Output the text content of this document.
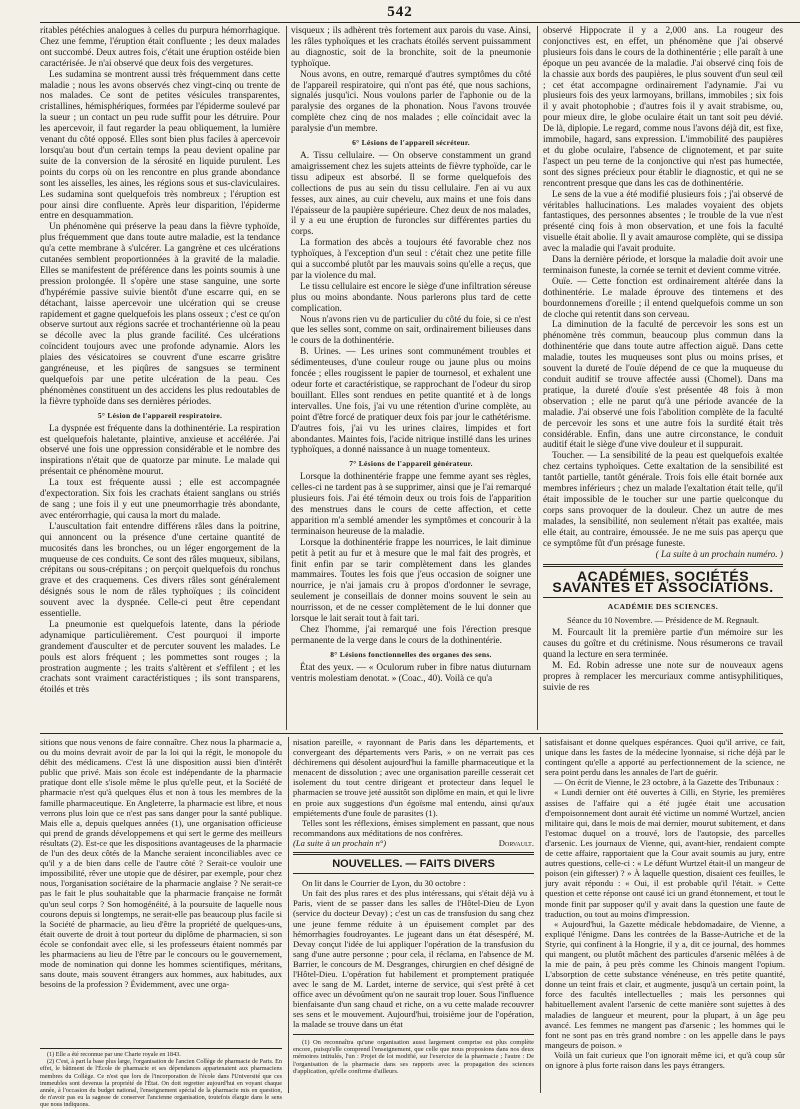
542

ritables pétéchies analogues à celles du purpura hémorrhagique. Chez une femme, l'éruption était confluente ; les deux malades ont succombé. Deux autres fois, c'était une éruption ostéide bien caractérisée. Je n'ai observé que deux fois des vergetures.

Les sudamina se montrent aussi très fréquemment dans cette maladie ; nous les avons observés chez vingt-cinq ou trente de nos malades. Ce sont de petites vésicules transparentes, cristallines, hémisphériques, formées par l'épiderme soulevé par la sueur ; un contact un peu rude suffit pour les détruire. Pour les apercevoir, il faut regarder la peau obliquement, la lumière venant du côté opposé. Elles sont bien plus faciles à apercevoir lorsqu'au bout d'un certain temps la peau devient opaline par suite de la conversion de la sérosité en liquide purulent. Les points du corps où on les rencontre en plus grande abondance sont les aisselles, les aines, les régions sous et sus-claviculaires. Les sudamina sont quelquefois très nombreux ; l'éruption est pour ainsi dire confluente. Après leur disparition, l'épiderme entre en desquammation.

Un phénomène qui préserve la peau dans la fièvre typhoïde, plus fréquemment que dans toute autre maladie, est la tendance qu'a cette membrane à s'ulcérer. La gangrène et ces ulcérations cutanées semblent proportionnées à la gravité de la maladie. Elles se manifestent de préférence dans les points soumis à une pression prolongée. Il s'opère une stase sanguine, une sorte d'hypérémie passive suivie bientôt d'une escarre qui, en se détachant, laisse apercevoir une ulcération qui se creuse rapidement et gagne quelquefois les plans osseux ; c'est ce qu'on observe surtout aux régions sacrée et trochantérienne où la peau se décolle avec la plus grande facilité. Ces ulcérations coïncident toujours avec une profonde adynamie. Alors les plaies des vésicatoires se couvrent d'une escarre grisâtre gangréneuse, et les piqûres de sangsues se terminent quelquefois par une petite ulcération de la peau. Ces phénomènes constituent un des accidens les plus redoutables de la fièvre typhoïde dans ses dernières périodes.

5° Lésion de l'appareil respiratoire.

La dyspnée est fréquente dans la dothinentérie. La respiration est quelquefois haletante, plaintive, anxieuse et accélérée. J'ai observé une fois une oppression considérable et le nombre des inspirations n'était que de quatorze par minute. Le malade qui présentait ce phénomène mourut.

La toux est fréquente aussi ; elle est accompagnée d'expectoration. Six fois les crachats étaient sanglans ou striés de sang ; une fois il y eut une pneumorrhagie très abondante, avec entérorrhagie, qui causa la mort du malade.

L'auscultation fait entendre différens râles dans la poitrine, qui annoncent ou la présence d'une certaine quantité de mucosités dans les bronches, ou un léger engorgement de la muqueuse de ces conduits. Ce sont des râles muqueux, sibilans, crépitans ou sous-crépitans ; on perçoit quelquefois du ronchus grave et des craquemens. Ces divers râles sont généralement désignés sous le nom de râles typhoïques ; ils coïncident souvent avec la dyspnée. Celle-ci peut être cependant essentielle.

La pneumonie est quelquefois latente, dans la période adynamique particulièrement. C'est pourquoi il importe grandement d'ausculter et de percuter souvent les malades. Le pouls est alors fréquent ; les pommettes sont rouges ; la prostration augmente ; les traits s'altèrent et s'effilent ; et les crachats sont vraiment caractéristiques ; ils sont transparens, étoilés et très

visqueux ; ils adhèrent très fortement aux parois du vase. Ainsi, les râles typhoïques et les crachats étoilés servent puissamment au diagnostic, soit de la bronchite, soit de la pneumonie typhoïque.

Nous avons, en outre, remarqué d'autres symptômes du côté de l'appareil respiratoire, qui n'ont pas été, que nous sachions, signalés jusqu'ici. Nous voulons parler de l'aphonie ou de la paralysie des organes de la phonation. Nous l'avons trouvée complète chez cinq de nos malades ; elle coïncidait avec la paralysie d'un membre.

6° Lésions de l'appareil sécréteur.

A. Tissu cellulaire. — On observe constamment un grand amaigrissement chez les sujets atteints de fièvre typhoïde, car le tissu adipeux est absorbé. Il se forme quelquefois des collections de pus au sein du tissu cellulaire. J'en ai vu aux fesses, aux aines, au cuir chevelu, aux mains et une fois dans l'épaisseur de la paupière supérieure. Chez deux de nos malades, il y a eu une éruption de furoncles sur différentes parties du corps.

La formation des abcès a toujours été favorable chez nos typhoïques, à l'exception d'un seul : c'était chez une petite fille qui a succombé plutôt par les mauvais soins qu'elle a reçus, que par la violence du mal.

Le tissu cellulaire est encore le siège d'une infiltration séreuse plus ou moins abondante. Nous parlerons plus tard de cette complication.

Nous n'avons rien vu de particulier du côté du foie, si ce n'est que les selles sont, comme on sait, ordinairement bilieuses dans le cours de la dothinentérie.

B. Urines. — Les urines sont communément troubles et sédimenteuses, d'une couleur rouge ou jaune plus ou moins foncée ; elles rougissent le papier de tournesol, et exhalent une odeur forte et caractéristique, se rapprochant de l'odeur du sirop bouillant. Elles sont rendues en petite quantité et à de longs intervalles. Une fois, j'ai vu une rétention d'urine complète, au point d'être forcé de pratiquer deux fois par jour le cathétérisme. D'autres fois, j'ai vu les urines claires, limpides et fort abondantes. Maintes fois, l'acide nitrique instillé dans les urines typhoïques, a donné naissance à un nuage tomenteux.

7° Lésions de l'appareil générateur.

Lorsque la dothinentérie frappe une femme ayant ses règles, celles-ci ne tardent pas à se supprimer, ainsi que je l'ai remarqué plusieurs fois. J'ai été témoin deux ou trois fois de l'apparition des menstrues dans le cours de cette affection, et cette apparition m'a semblé amender les symptômes et concourir à la terminaison heureuse de la maladie.

Lorsque la dothinentérie frappe les nourrices, le lait diminue petit à petit au fur et à mesure que le mal fait des progrès, et finit enfin par se tarir complètement dans les glandes mammaires. Toutes les fois que j'eus occasion de soigner une nourrice, je n'ai jamais cru à propos d'ordonner le sevrage, seulement je conseillais de donner moins souvent le sein au nourrisson, et de ne cesser complètement de le lui donner que lorsque le lait serait tout à fait tari.

Chez l'homme, j'ai remarqué une fois l'érection presque permanente de la verge dans le cours de la dothinentérie.

8° Lésions fonctionnelles des organes des sens.

État des yeux. — « Oculorum ruber in fibre natus diuturnam ventris molestiam denotat. » (Coac., 40). Voilà ce qu'a

observé Hippocrate il y a 2,000 ans. La rougeur des conjonctives est, en effet, un phénomène que j'ai observé plusieurs fois dans le cours de la dothinentérie ; elle paraît à une époque un peu avancée de la maladie. J'ai observé cinq fois de la chassie aux bords des paupières, le plus souvent d'un seul œil ; cet état accompagne ordinairement l'adynamie. J'ai vu plusieurs fois des yeux larmoyans, brillans, immobiles ; six fois il y avait photophobie ; d'autres fois il y avait strabisme, ou, pour mieux dire, le globe oculaire était un tant soit peu dévié. De là, diplopie. Le regard, comme nous l'avons déjà dit, est fixe, immobile, hagard, sans expression. L'immobilité des paupières et du globe oculaire, l'absence de clignotement, et par suite l'aspect un peu terne de la conjonctive qui n'est pas humectée, sont des signes précieux pour établir le diagnostic, et qui ne se rencontrent presque que dans les cas de dothinentérie.

Le sens de la vue a été modifié plusieurs fois ; j'ai observé de véritables hallucinations. Les malades voyaient des objets fantastiques, des personnes absentes ; le trouble de la vue n'est présenté cinq fois à mon observation, et une fois la faculté visuelle était abolie. Il y avait amaurose complète, qui se dissipa avec la maladie qui l'avait produite.

Dans la dernière période, et lorsque la maladie doit avoir une terminaison funeste, la cornée se ternit et devient comme vitrée.

Ouïe. — Cette fonction est ordinairement altérée dans la dothinentérie. Le malade éprouve des tintemens et des bourdonnemens d'oreille ; il entend quelquefois comme un son de cloche qui retentit dans son cerveau.

La diminution de la faculté de percevoir les sons est un phénomène très commun, beaucoup plus commun dans la dothinentérie que dans toute autre affection aiguë. Dans cette maladie, toutes les muqueuses sont plus ou moins prises, et souvent la dureté de l'ouïe dépend de ce que la muqueuse du conduit auditif se trouve affectée aussi (Chomel). Dans ma pratique, la dureté d'ouïe s'est présentée 48 fois à mon observation ; elle ne parut qu'à une période avancée de la maladie. J'ai observé une fois l'abolition complète de la faculté de percevoir les sons et une autre fois la surdité était très considérable. Enfin, dans une autre circonstance, le conduit auditif était le siège d'une vive douleur et il suppurait.

Toucher. — La sensibilité de la peau est quelquefois exaltée chez certains typhoïques. Cette exaltation de la sensibilité est tantôt partielle, tantôt générale. Trois fois elle était bornée aux membres inférieurs ; chez un malade l'exaltation était telle, qu'il était impossible de le toucher sur une partie quelconque du corps sans provoquer de la douleur. Chez un autre de mes malades, la sensibilité, non seulement n'était pas exaltée, mais elle était, au contraire, émoussée. Je ne me suis pas aperçu que ce symptôme fût d'un présage funeste.

( La suite à un prochain numéro. )

ACADÉMIES, SOCIÉTÉS SAVANTES ET ASSOCIATIONS.
ACADÉMIE DES SCIENCES.
Séance du 10 Novembre. — Présidence de M. Regnault.

M. Fourcault lit la première partie d'un mémoire sur les causes du goître et du crétinisme. Nous résumerons ce travail quand la lecture en sera terminée.

M. Ed. Robin adresse une note sur de nouveaux agens propres à remplacer les mercuriaux comme antisyphilitiques, suivie de res

sitions que nous venons de faire connaître. Chez nous la pharmacie a, ou du moins devrait avoir de par la loi qui la régit, le monopole du débit des médicamens. C'est là une disposition aussi bien d'intérêt public que privé. Mais son école est indépendante de la pharmacie pratique dont elle s'isole même le plus qu'elle peut, et la Société de pharmacie n'est qu'à quelques élus et non à tous les membres de la famille pharmaceutique. En Angleterre, la pharmacie est libre, et nous verrons plus loin que ce n'est pas sans danger pour la santé publique. Mais elle a, depuis quelques années (1), une organisation officieuse qui prend de grands développemens et qui sert le germe des meilleurs résultats (2). Est-ce que les dispositions avantageuses de la pharmacie de l'un des deux côtés de la Manche seraient inconciliables avec ce qu'il y a de bien dans celle de l'autre côté ? Serait-ce vouloir une impossibilité, rêver une utopie que de désirer, par exemple, pour chez nous, l'organisation sociétaire de la pharmacie anglaise ? Ne serait-ce pas le fait le plus souhaitable que la pharmacie française ne formât qu'un seul corps ? Son homogénéité, à la poursuite de laquelle nous courons depuis si longtemps, ne serait-elle pas beaucoup plus facile si la Société de pharmacie, au lieu d'être la propriété de quelques-uns, était ouverte de droit à tout porteur du diplôme de pharmacien, si son école se confondait avec elle, si les professeurs étaient nommés par les pharmaciens au lieu de l'être par le concours ou le gouvernement, mode de nomination qui donne les hommes scientifiques, méritans, sans doute, mais souvent étrangers aux hommes, aux habitudes, aux besoins de la profession ? Évidemment, avec une orga-

(1) Elle a été reconnue par une Charte royale en 1843.

(2) C'est, à part la base plus large, l'organisation de l'ancien Collège de pharmacie de Paris. En effet, le bâtiment de l'École de pharmacie et ses dépendances appartenaient aux pharmaciens membres du Collège. Ce n'est que lors de l'incorporation de l'école dans l'Université que ces immeubles sont devenus la propriété de l'État. On doit regretter aujourd'hui en voyant chaque année, à l'occasion du budget national, l'enseignement spécial de la pharmacie mis en question, de n'avoir pas eu la sagesse de conserver l'ancienne organisation, toutefois élargie dans le sens que nous indiquons.

nisation pareille, « rayonnant de Paris dans les départements, et convergeant des départements vers Paris, » on ne verrait pas ces déchiremens qui désolent aujourd'hui la famille pharmaceutique et la menacent de dissolution ; avec une organisation pareille cesserait cet isolement du tout centre dirigeant et protecteur dans lequel le pharmacien se trouve jeté aussitôt son diplôme en main, et qui le livre en proie aux suggestions d'un égoïsme mal entendu, ainsi qu'aux empiétements d'une foule de parasites (1).

Telles sont les réflexions, émises simplement en passant, que nous recommandons aux méditations de nos confrères.

(La suite à un prochain n°)	Dorvault.
NOUVELLES. — FAITS DIVERS

On lit dans le Courrier de Lyon, du 30 octobre :

Un fait des plus rares et des plus intéressans, qui s'était déjà vu à Paris, vient de se passer dans les salles de l'Hôtel-Dieu de Lyon (service du docteur Devay) ; c'est un cas de transfusion du sang chez une jeune femme réduite à un épuisement complet par des hémorrhagies foudroyantes. Le jugeant dans un état désespéré, M. Devay conçut l'idée de lui appliquer l'opération de la transfusion du sang d'une autre personne ; pour cela, il réclama, en l'absence de M. Barrier, le concours de M. Desgranges, chirurgien en chef désigné de l'Hôtel-Dieu. L'opération fut habilement et promptement pratiquée avec le sang de M. Lardet, interne de service, qui s'est prêté à cet office avec un dévoûment qu'on ne saurait trop louer. Sous l'influence bienfaisante d'un sang chaud et riche, on a vu cette malade recouvrer ses sens et le mouvement. Aujourd'hui, troisième jour de l'opération, la malade se trouve dans un état

(1) On reconnaîtra qu'une organisation aussi largement comprise est plus complète encore, puisqu'elle comprend l'enseignement, que celle que nous proposions dans nos deux mémoires intitulés, l'un : Projet de loi modifié, sur l'exercice de la pharmacie ; l'autre : De l'organisation de la pharmacie dans ses rapports avec la propagation des sciences d'application, qu'elle confirme d'ailleurs.

satisfaisant et donne quelques espérances. Quoi qu'il arrive, ce fait, unique dans les fastes de la médecine lyonnaise, si riche déjà par le contingent qu'elle a apporté au perfectionnement de la science, ne sera point perdu dans les annales de l'art de guérir.

— On écrit de Vienne, le 23 octobre, à la Gazette des Tribunaux :

« Lundi dernier ont été ouvertes à Cilli, en Styrie, les premières assises de l'affaire qui a été jugée était une accusation d'empoisonnement dont aurait été victime un nommé Wurtzel, ancien militaire qui, dans le mois de mai dernier, mourut subitement, et dans l'estomac duquel on a trouvé, lors de l'autopsie, des parcelles d'arsenic. Les journaux de Vienne, qui, avant-hier, rendaient compte de cette affaire, rapportaient que la Cour avait soumis au jury, entre autres questions, celle-ci : « Le défunt Wurtzel était-il un mangeur de poison (ein giftesser) ? » À laquelle question, disaient ces feuilles, le jury avait répondu : « Oui, il est probable qu'il l'était. » Cette question et cette réponse ont causé ici un grand étonnement, et tout le monde finit par supposer qu'il y avait dans la question une faute de traduction, ou tout au moins d'impression.

« Aujourd'hui, la Gazette médicale hebdomadaire, de Vienne, a expliqué l'énigme. Dans les contrées de la Basse-Autriche et de la Styrie, qui confinent à la Hongrie, il y a, dit ce journal, des hommes qui mangent, ou plutôt mâchent des particules d'arsenic mêlées à de la mie de pain, à peu près comme les Chinois mangent l'opium. L'absorption de cette substance vénéneuse, en très petite quantité, donne un teint frais et clair, et augmente, jusqu'à un certain point, la force des facultés intellectuelles ; mais les personnes qui habituellement avalent l'arsenic de cette manière sont sujettes à des maladies de langueur et meurent, pour la plupart, à un âge peu avancé. Les femmes ne mangent pas d'arsenic ; les hommes qui le font ne sont pas en très grand nombre : on les appelle dans le pays mangeurs de poison. »

Voilà un fait curieux que l'on ignorait même ici, et qu'à coup sûr on ignore à plus forte raison dans les pays étrangers.
